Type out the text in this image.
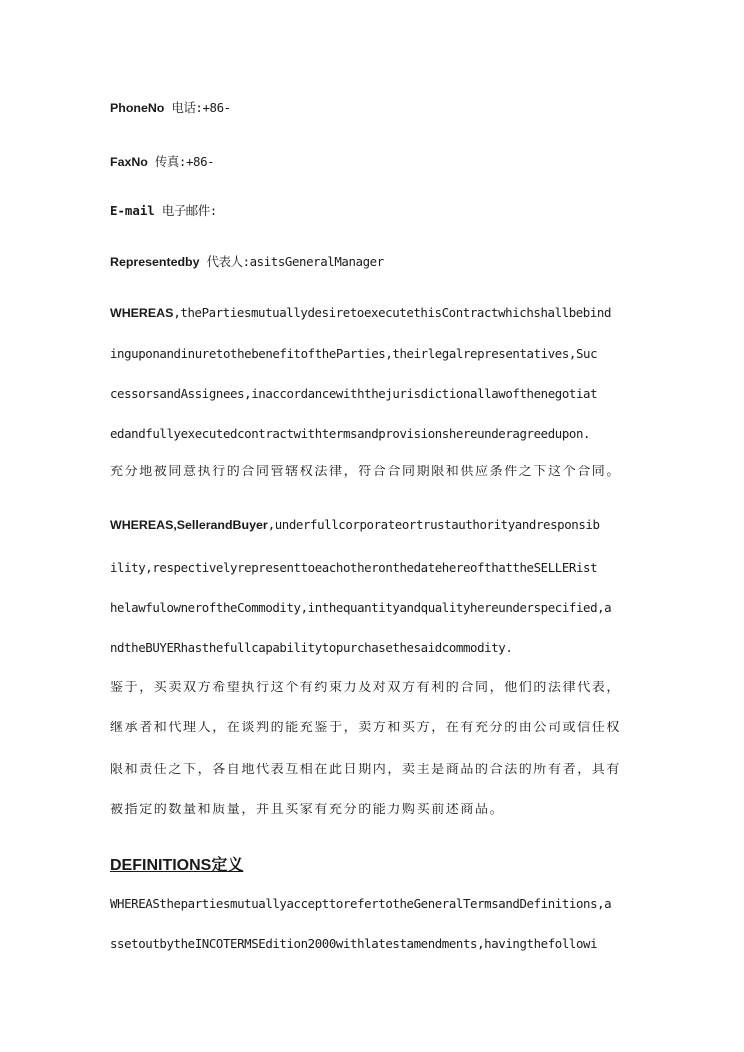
PhoneNo 电话:+86-
FaxNo 传真:+86-
E-mail 电子邮件:
Representedby 代表人:asitsGeneralManager
WHEREAS,thePartiesmutuallydesiretoexecutethisContractwhichshallbebind
inguponandinuretothebenefitoftheParties,theirlegalrepresentatives,Suc
cessorsandAssignees,inaccordancewiththejurisdictionallawofthenegotiat
edandfullyexecutedcontractwithtermsandprovisionshereunderagreedupon.
充分地被同意执行的合同管辖权法律，符合合同期限和供应条件之下这个合同。
WHEREAS,SellerandBuyer,underfullcorporateortrustauthorityandresponsib
ility,respectivelyrepresenttoeachotheronthedatehereofthattheSELLERist
helawfulowneroftheCommodity,inthequantityandqualityhereunderspecified,a
ndtheBUYERhasthefullcapabilitytopurchasethesaidcommodity.
鉴于，买卖双方希望执行这个有约束力及对双方有利的合同，他们的法律代表，
继承者和代理人，在谈判的能充鉴于，卖方和买方，在有充分的由公司或信任权
限和责任之下，各自地代表互相在此日期内，卖主是商品的合法的所有者，具有
被指定的数量和质量，并且买家有充分的能力购买前述商品。
DEFINITIONS定义
WHEREASthepartiesmutuallyaccepttorefertotheGeneralTermsandDefinitions,a
ssetoutbytheINCOTERMSEdition2000withlatestamendments,havingthefollowi
